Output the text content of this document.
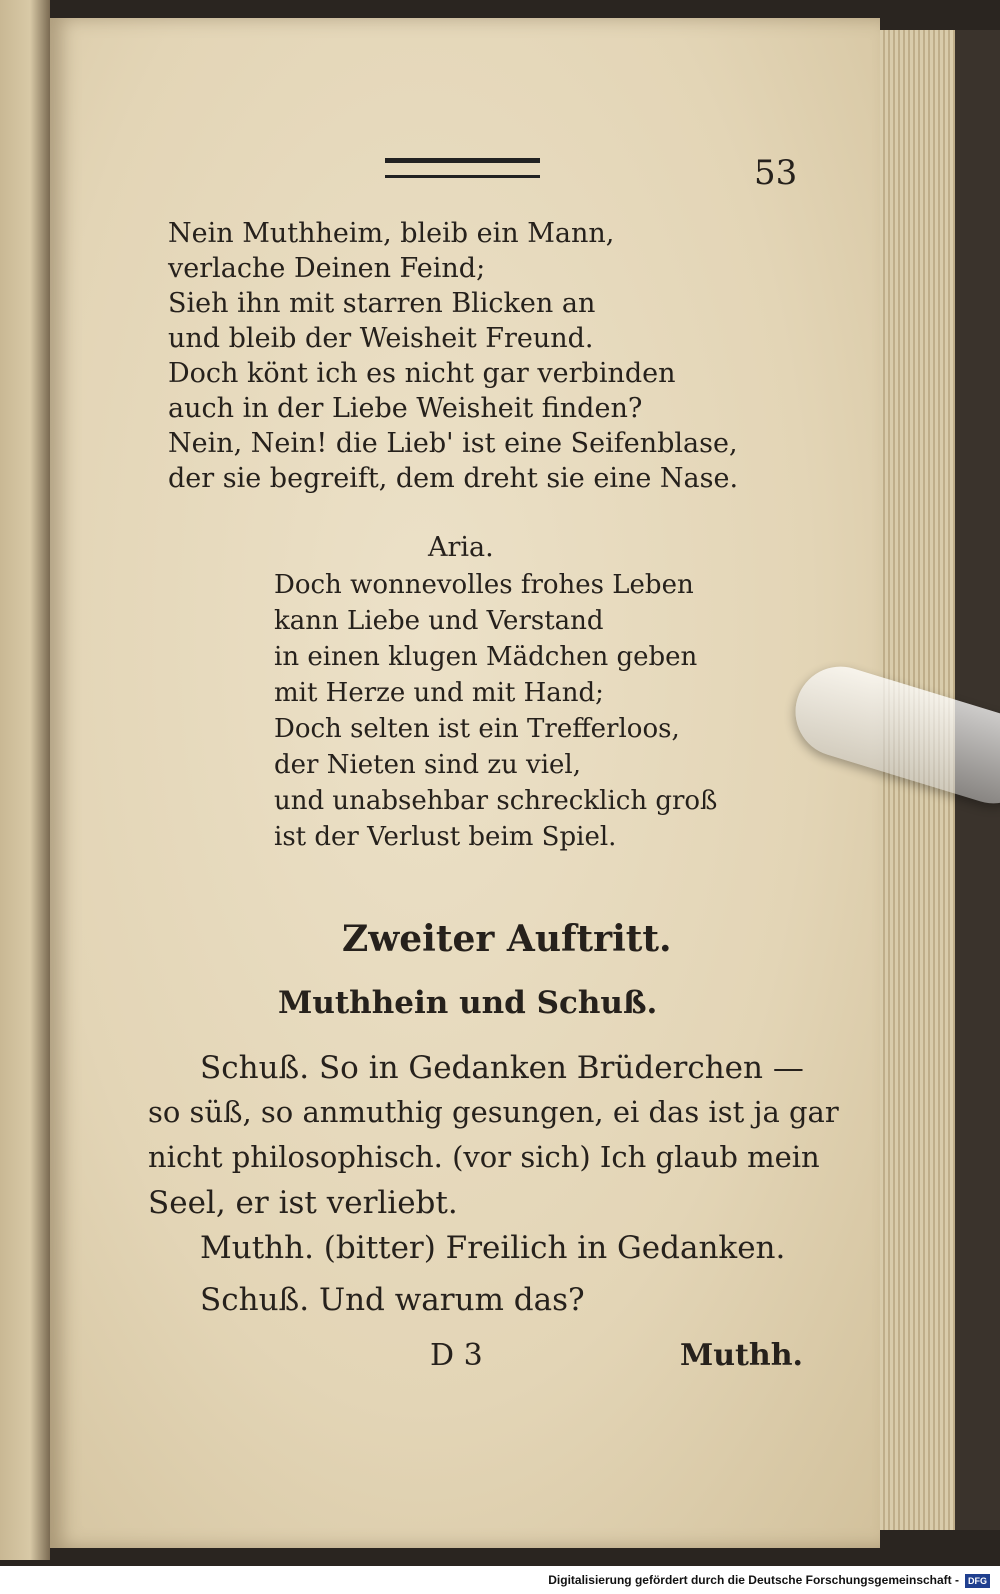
53
Nein Muthheim, bleib ein Mann,
verlache Deinen Feind;
Sieh ihn mit starren Blicken an
und bleib der Weisheit Freund.
Doch könt ich es nicht gar verbinden
auch in der Liebe Weisheit finden?
Nein, Nein! die Lieb' ist eine Seifenblase,
der sie begreift, dem dreht sie eine Nase.
Aria.
Doch wonnevolles frohes Leben
kann Liebe und Verstand
in einen klugen Mädchen geben
mit Herze und mit Hand;
Doch selten ist ein Trefferloos,
der Nieten sind zu viel,
und unabsehbar schrecklich groß
ist der Verlust beim Spiel.
Zweiter Auftritt.
Muthhein und Schuß.
Schuß. So in Gedanken Brüderchen —
so süß, so anmuthig gesungen, ei das ist ja gar
nicht philosophisch. (vor sich) Ich glaub mein
Seel, er ist verliebt.
Muthh. (bitter) Freilich in Gedanken.
Schuß. Und warum das?
D 3	Muthh.
Digitalisierung gefördert durch die Deutsche Forschungsgemeinschaft - DFG
